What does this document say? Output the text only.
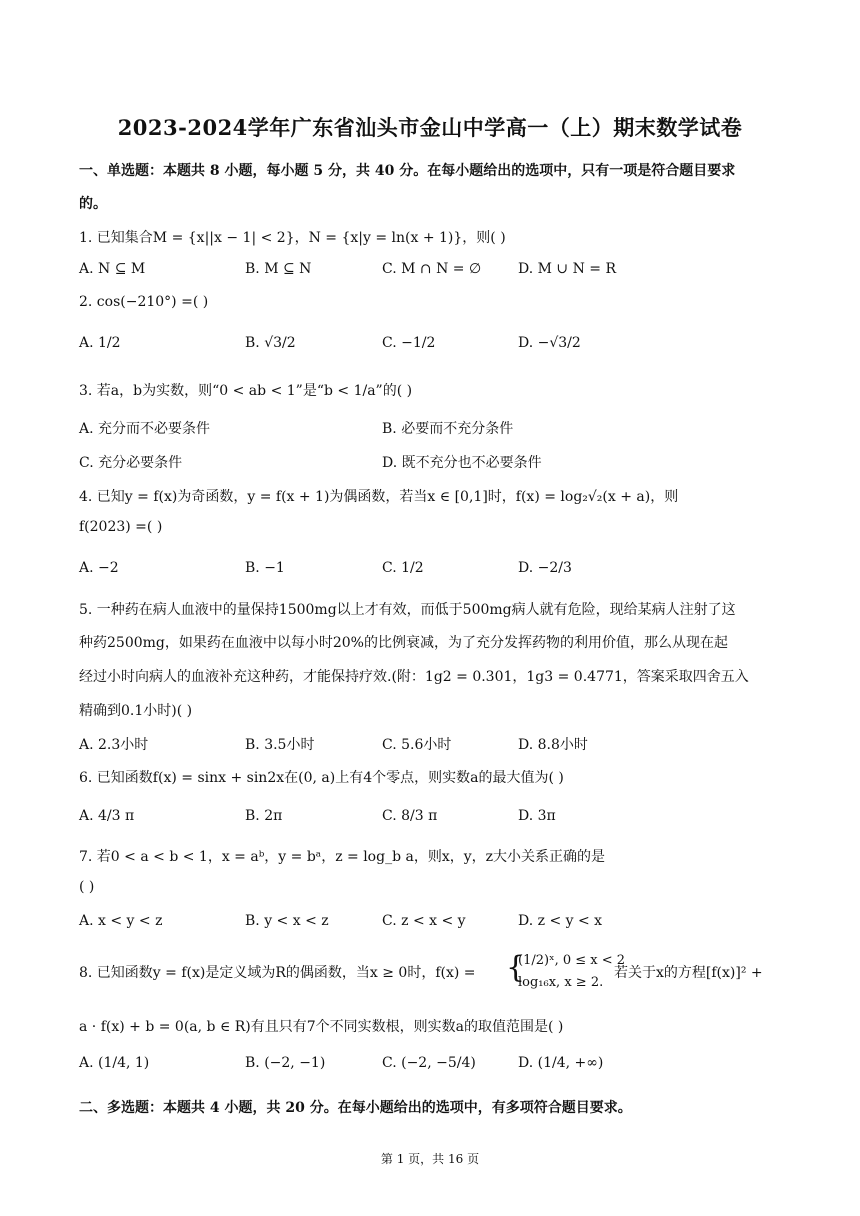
2023-2024学年广东省汕头市金山中学高一（上）期末数学试卷
一、单选题：本题共 8 小题，每小题 5 分，共 40 分。在每小题给出的选项中，只有一项是符合题目要求
的。
1. 已知集合M = {x||x − 1| < 2}，N = {x|y = ln(x + 1)}，则( )
A. N ⊆ M	B. M ⊆ N	C. M ∩ N = ∅	D. M ∪ N = R
2. cos(−210°) =( )
A. 1/2	B. √3/2	C. −1/2	D. −√3/2
3. 若a，b为实数，则“0 < ab < 1”是“b < 1/a”的( )
A. 充分而不必要条件	B. 必要而不充分条件
C. 充分必要条件	D. 既不充分也不必要条件
4. 已知y = f(x)为奇函数，y = f(x + 1)为偶函数，若当x ∈ [0,1]时，f(x) = log₂√₂(x + a)，则
f(2023) =( )
A. −2	B. −1	C. 1/2	D. −2/3
5. 一种药在病人血液中的量保持1500mg以上才有效，而低于500mg病人就有危险，现给某病人注射了这
种药2500mg，如果药在血液中以每小时20%的比例衰减，为了充分发挥药物的利用价值，那么从现在起
经过小时向病人的血液补充这种药，才能保持疗效.(附：1g2 = 0.301，1g3 = 0.4771，答案采取四舍五入
精确到0.1小时)( )
A. 2.3小时	B. 3.5小时	C. 5.6小时	D. 8.8小时
6. 已知函数f(x) = sinx + sin2x在(0, a)上有4个零点，则实数a的最大值为( )
A. 4/3 π	B. 2π	C. 8/3 π	D. 3π
7. 若0 < a < b < 1，x = aᵇ，y = bᵃ，z = log_b a，则x，y，z大小关系正确的是
( )
A. x < y < z	B. y < x < z	C. z < x < y	D. z < y < x
8. 已知函数y = f(x)是定义域为R的偶函数，当x ≥ 0时，f(x) = {
(1/2)ˣ, 0 ≤ x < 2
log₁₆x, x ≥ 2.
若关于x的方程[f(x)]² +
a · f(x) + b = 0(a, b ∈ R)有且只有7个不同实数根，则实数a的取值范围是( )
A. (1/4, 1)	B. (−2, −1)	C. (−2, −5/4)	D. (1/4, +∞)
二、多选题：本题共 4 小题，共 20 分。在每小题给出的选项中，有多项符合题目要求。
第 1 页，共 16 页
